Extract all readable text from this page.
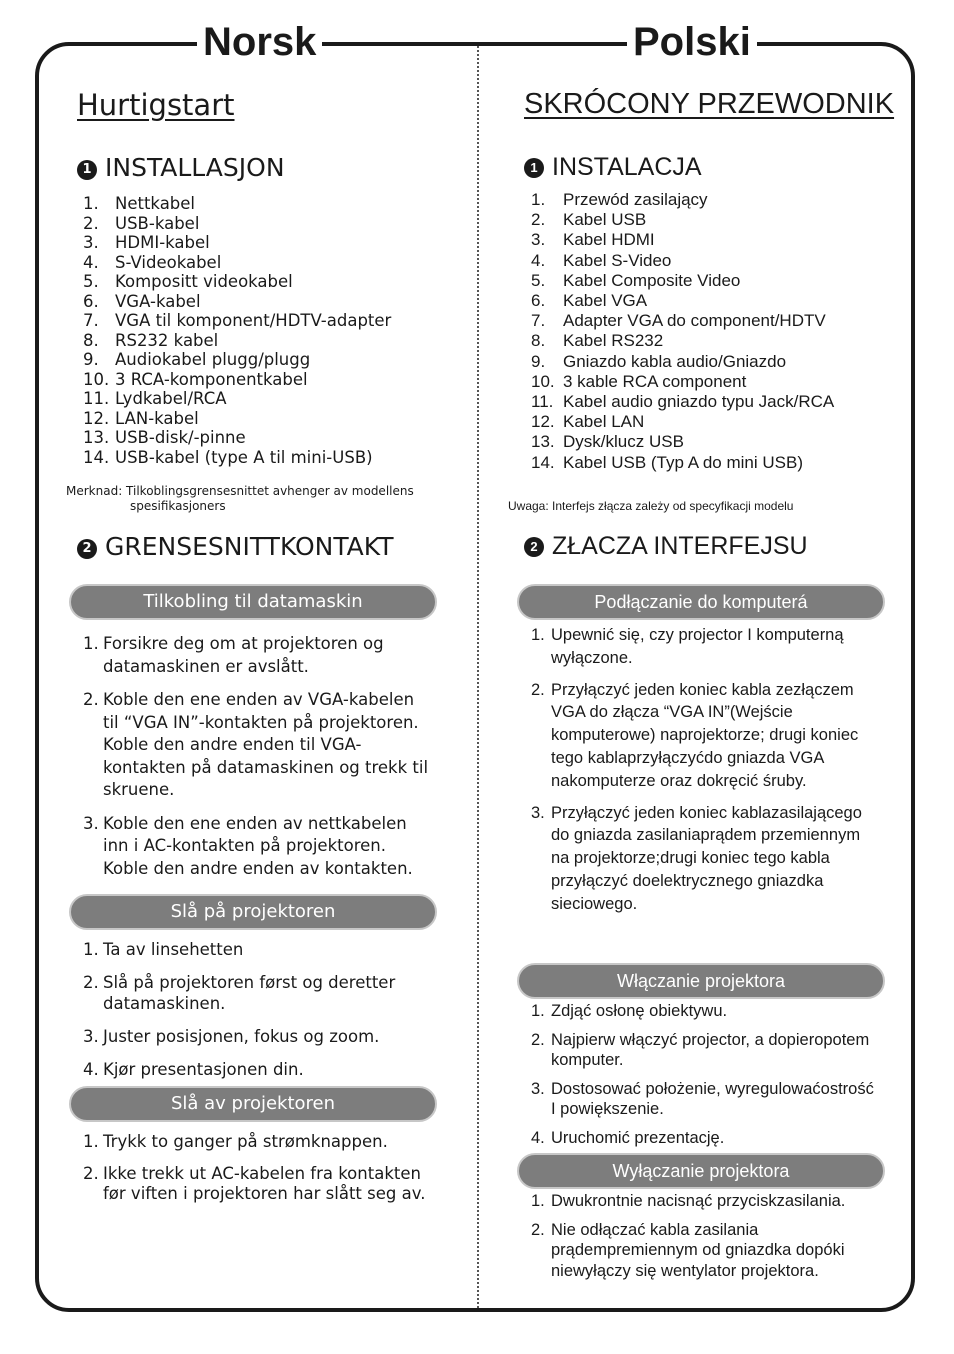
Norsk	Polski
Hurtigstart
1 INSTALLASJON
1. Nettkabel
2. USB-kabel
3. HDMI-kabel
4. S-Videokabel
5. Kompositt videokabel
6. VGA-kabel
7. VGA til komponent/HDTV-adapter
8. RS232 kabel
9. Audiokabel plugg/plugg
10. 3 RCA-komponentkabel
11. Lydkabel/RCA
12. LAN-kabel
13. USB-disk/-pinne
14. USB-kabel (type A til mini-USB)
Merknad: Tilkoblingsgrensesnittet avhenger av modellens
spesifikasjoners
2 GRENSESNITTKONTAKT
Tilkobling til datamaskin
1. Forsikre deg om at projektoren og datamaskinen er avslått.
2. Koble den ene enden av VGA-kabelen til “VGA IN”-kontakten på projektoren. Koble den andre enden til VGA-kontakten på datamaskinen og trekk til skruene.
3. Koble den ene enden av nettkabelen inn i AC-kontakten på projektoren. Koble den andre enden av kontakten.
Slå på projektoren
1. Ta av linsehetten
2. Slå på projektoren først og deretter datamaskinen.
3. Juster posisjonen, fokus og zoom.
4. Kjør presentasjonen din.
Slå av projektoren
1. Trykk to ganger på strømknappen.
2. Ikke trekk ut AC-kabelen fra kontakten før viften i projektoren har slått seg av.
SKRÓCONY PRZEWODNIK
1 INSTALACJA
1.	Przewód zasilający
2.	Kabel USB
3.	Kabel HDMI
4.	Kabel S-Video
5.	Kabel Composite Video
6.	Kabel VGA
7.	Adapter VGA do component/HDTV
8.	Kabel RS232
9.	Gniazdo kabla audio/Gniazdo
10. 3 kable RCA component
11. Kabel audio gniazdo typu Jack/RCA
12. Kabel LAN
13. Dysk/klucz USB
14. Kabel USB (Typ A do mini USB)
Uwaga: Interfejs złącza zależy od specyfikacji modelu
2 ZŁACZA INTERFEJSU
Podłączanie do komputerá
1. Upewnić się, czy projector I komputerną wyłączone.
2. Przyłączyć jeden koniec kabla zezłączem VGA do złącza “VGA IN”(Wejście komputerowe) naprojektorze; drugi koniec tego kablaprzyłączyćdo gniazda VGA nakomputerze oraz dokręcić śruby.
3. Przyłączyć jeden koniec kablazasilającego do gniazda zasilaniaprądem przemiennym na projektorze;drugi koniec tego kabla przyłączyć doelektrycznego gniazdka sieciowego.
Włączanie projektora
1. Zdjąć osłonę obiektywu.
2. Najpierw włączyć projector, a dopieropotem komputer.
3. Dostosować położenie, wyregulowaćostrość I powiększenie.
4. Uruchomić prezentację.
Wyłączanie projektora
1. Dwukrontnie nacisnąć przyciskzasilania.
2. Nie odłączać kabla zasilania prądempremiennym od gniazdka dopóki niewyłączy się wentylator projektora.
